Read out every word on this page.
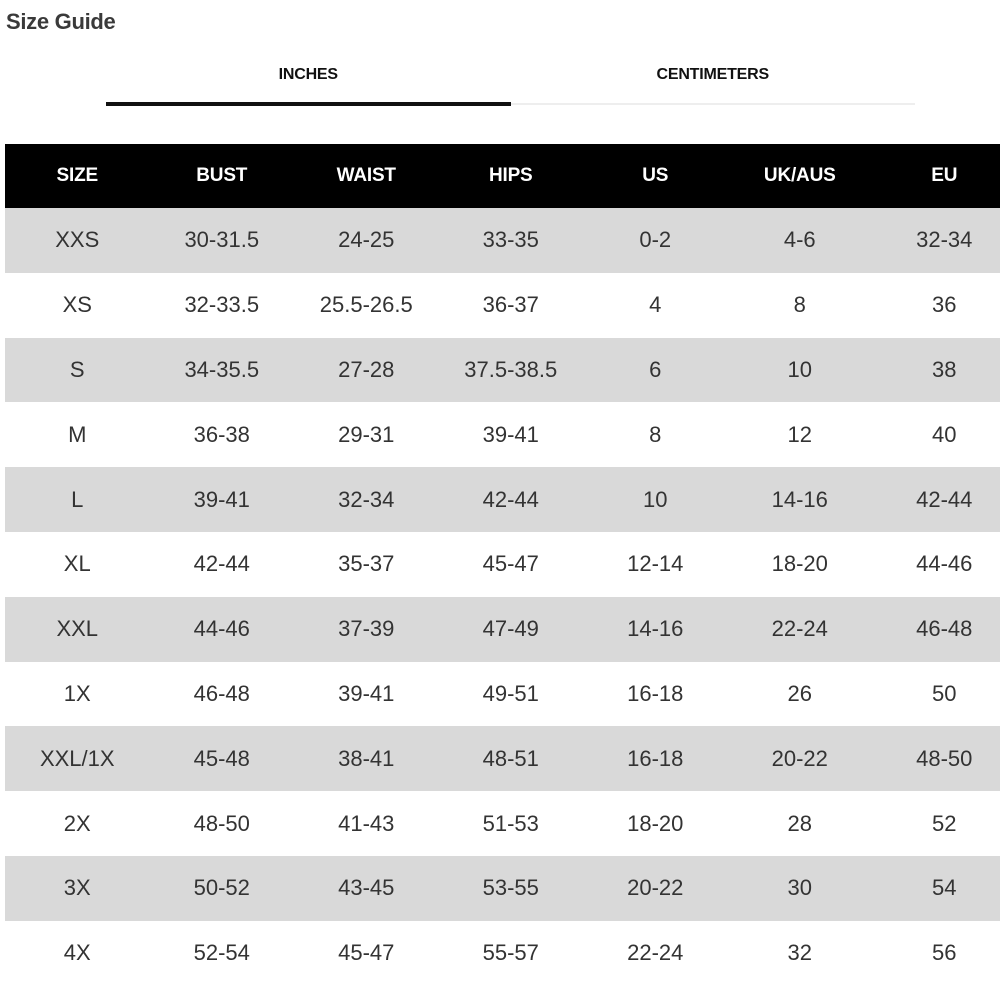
Size Guide
INCHES	CENTIMETERS
SIZE	BUST	WAIST	HIPS	US	UK/AUS	EU
XXS	30-31.5	24-25	33-35	0-2	4-6	32-34
XS	32-33.5	25.5-26.5	36-37	4	8	36
S	34-35.5	27-28	37.5-38.5	6	10	38
M	36-38	29-31	39-41	8	12	40
L	39-41	32-34	42-44	10	14-16	42-44
XL	42-44	35-37	45-47	12-14	18-20	44-46
XXL	44-46	37-39	47-49	14-16	22-24	46-48
1X	46-48	39-41	49-51	16-18	26	50
XXL/1X	45-48	38-41	48-51	16-18	20-22	48-50
2X	48-50	41-43	51-53	18-20	28	52
3X	50-52	43-45	53-55	20-22	30	54
4X	52-54	45-47	55-57	22-24	32	56
